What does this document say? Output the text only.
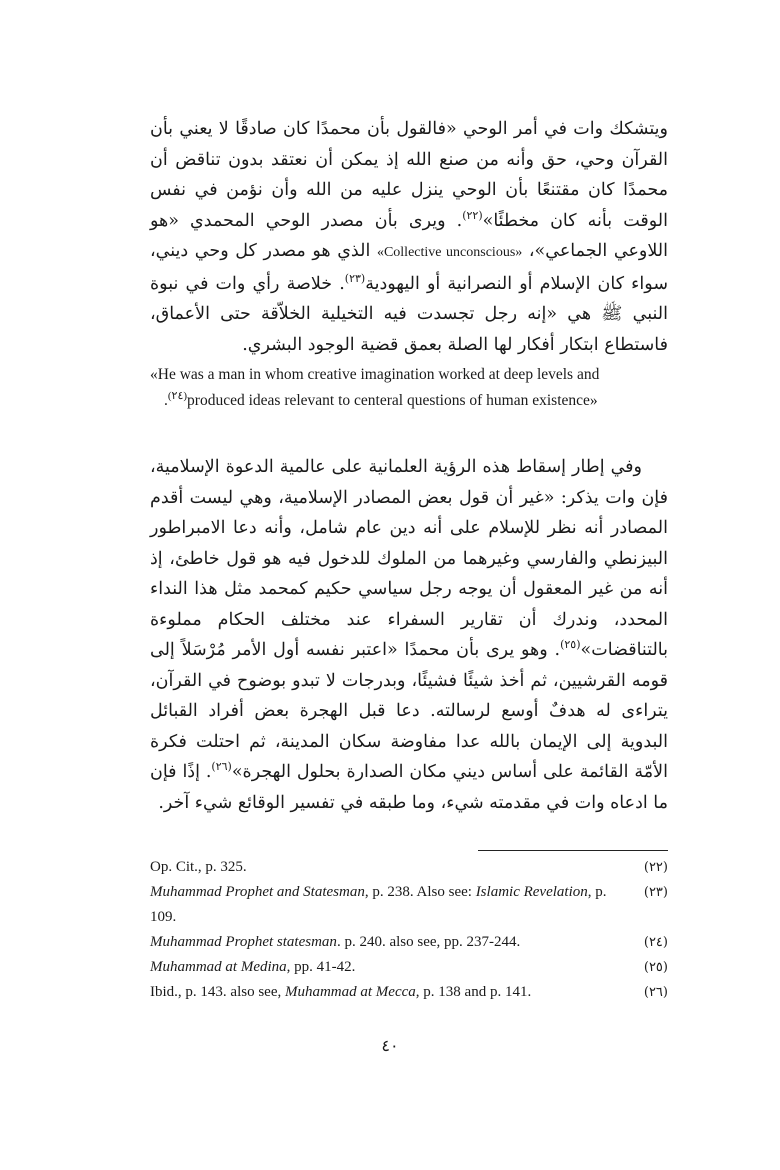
ويتشكك وات في أمر الوحي «فالقول بأن محمدًا كان صادقًا لا يعني بأن القرآن وحي، حق وأنه من صنع الله إذ يمكن أن نعتقد بدون تناقض أن محمدًا كان مقتنعًا بأن الوحي ينزل عليه من الله وأن نؤمن في نفس الوقت بأنه كان مخطئًا»$^{(٢٢)}$. ويرى بأن مصدر الوحي المحمدي «هو اللاوعي الجماعي»، «Collective unconscious» الذي هو مصدر كل وحي ديني، سواء كان الإسلام أو النصرانية أو اليهودية$^{(٢٣)}$. خلاصة رأي وات في نبوة النبي ﷺ هي «إنه رجل تجسدت فيه التخيلية الخلاّقة حتى الأعماق، فاستطاع ابتكار أفكار لها الصلة بعمق قضية الوجود البشري.

«He was a man in whom creative imagination worked at deep levels and
.$^{(٢٤)}$produced ideas relevant to centeral questions of human existence»

وفي إطار إسقاط هذه الرؤية العلمانية على عالمية الدعوة الإسلامية، فإن وات يذكر: «غير أن قول بعض المصادر الإسلامية، وهي ليست أقدم المصادر أنه نظر للإسلام على أنه دين عام شامل، وأنه دعا الامبراطور البيزنطي والفارسي وغيرهما من الملوك للدخول فيه هو قول خاطئ، إذ أنه من غير المعقول أن يوجه رجل سياسي حكيم كمحمد مثل هذا النداء المحدد، وندرك أن تقارير السفراء عند مختلف الحكام مملوءة بالتناقضات»$^{(٢٥)}$. وهو يرى بأن محمدًا «اعتبر نفسه أول الأمر مُرْسَلاً إلى قومه القرشيين، ثم أخذ شيئًا فشيئًا، وبدرجات لا تبدو بوضوح في القرآن، يتراءى له هدفٌ أوسع لرسالته. دعا قبل الهجرة بعض أفراد القبائل البدوية إلى الإيمان بالله عدا مفاوضة سكان المدينة، ثم احتلت فكرة الأمّة القائمة على أساس ديني مكان الصدارة بحلول الهجرة»$^{(٢٦)}$. إذًا فإن ما ادعاه وات في مقدمته شيء، وما طبقه في تفسير الوقائع شيء آخر.

(٢٢)
Op. Cit., p. 325.
(٢٣)
Muhammad Prophet and Statesman, p. 238. Also see: Islamic Revelation, p. 109.
(٢٤)
Muhammad Prophet statesman. p. 240. also see, pp. 237-244.
(٢٥)
Muhammad at Medina, pp. 41-42.
(٢٦)
Ibid., p. 143. also see, Muhammad at Mecca, p. 138 and p. 141.
٤٠
